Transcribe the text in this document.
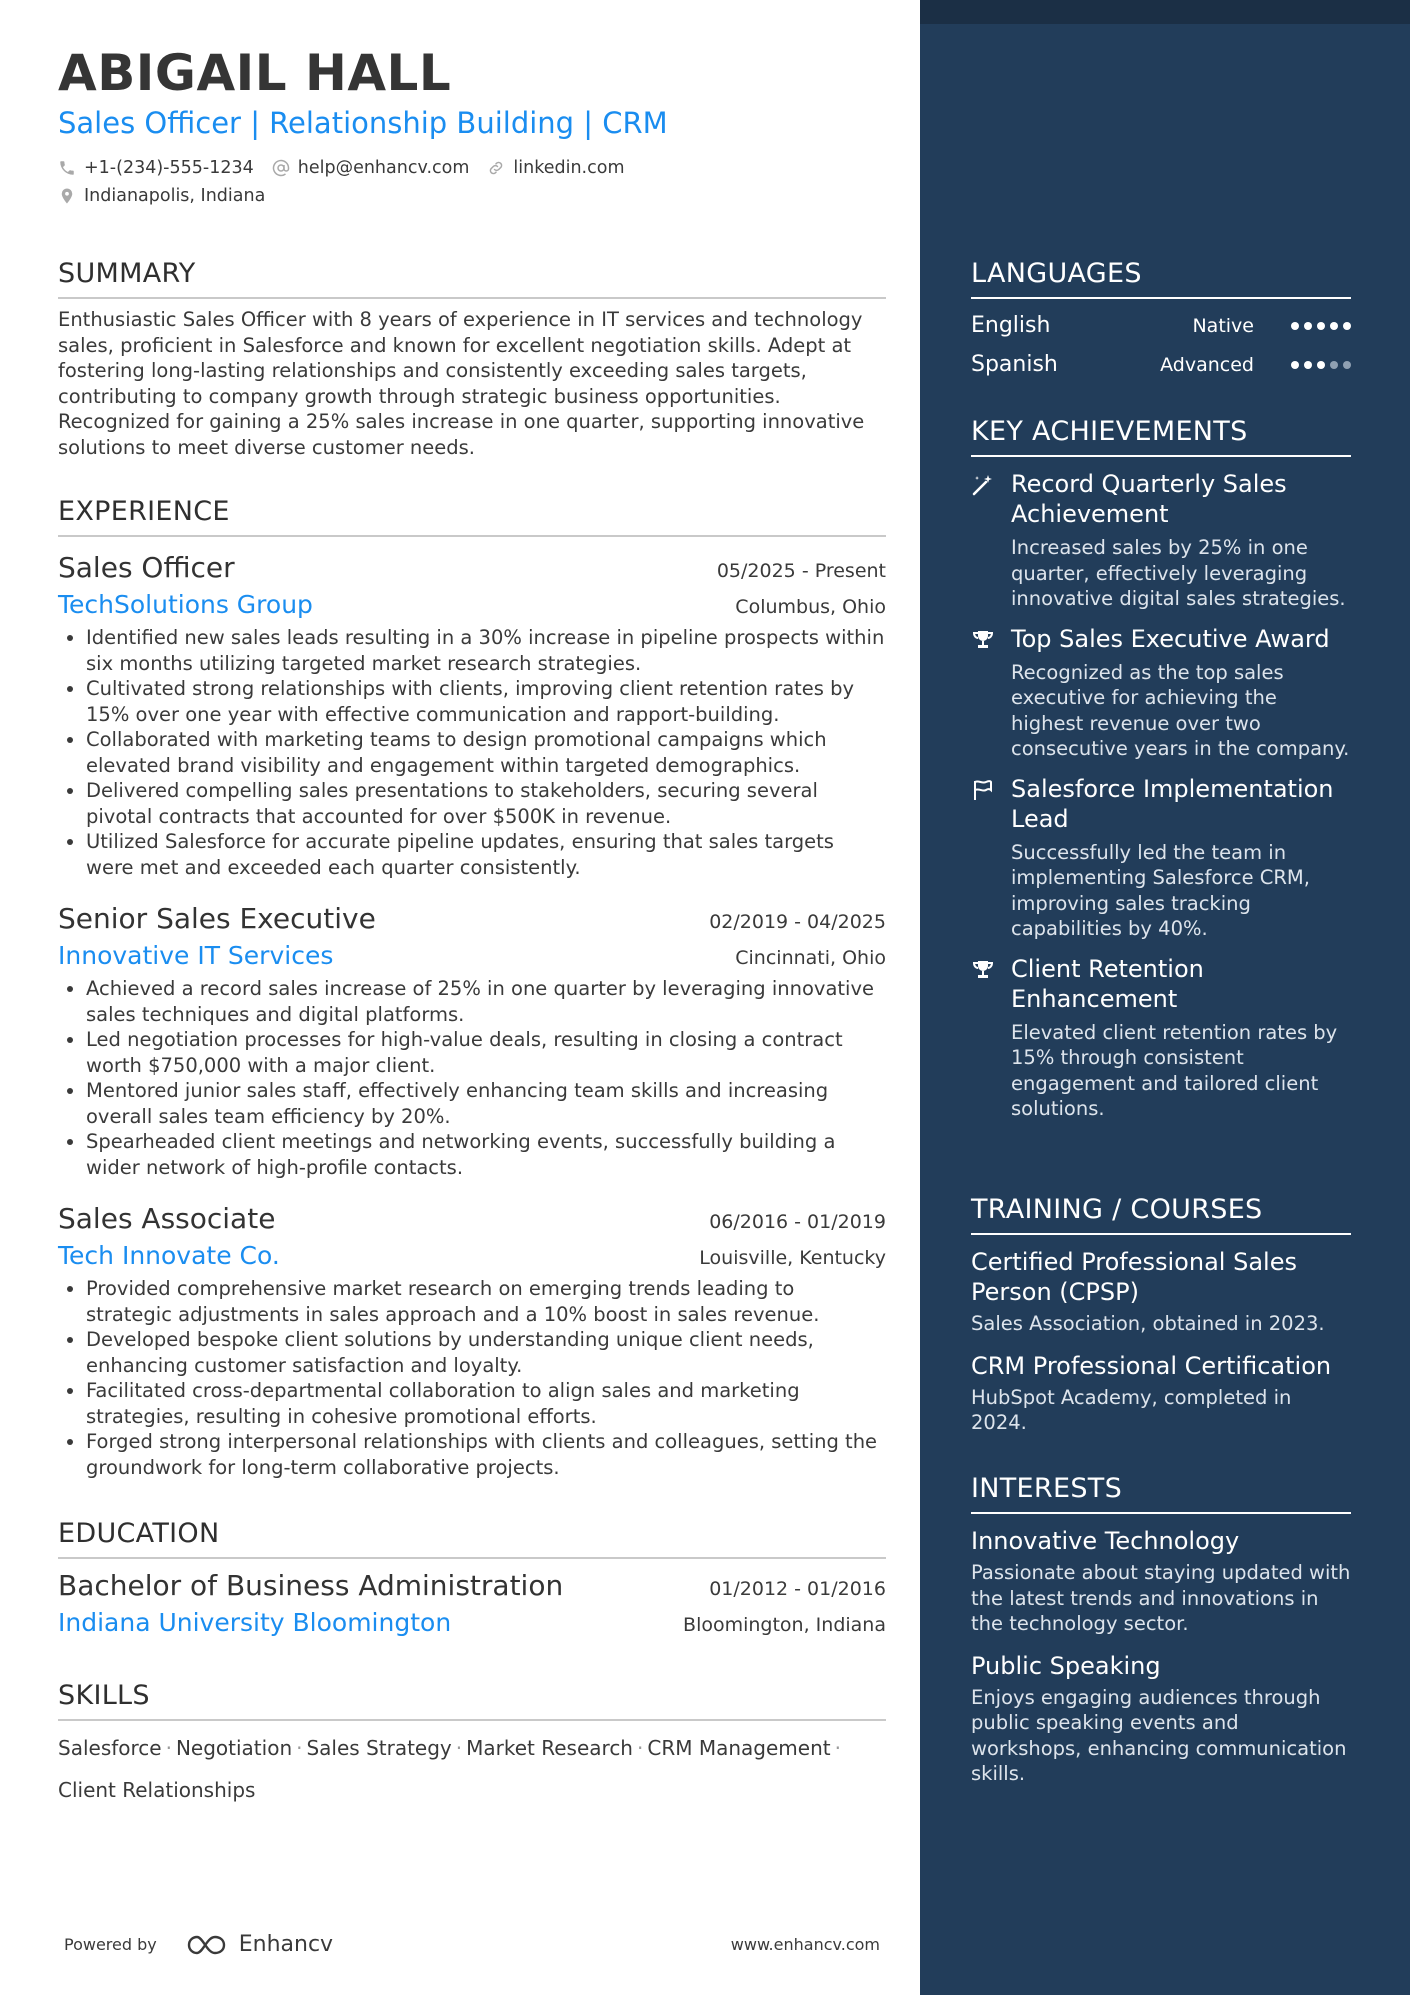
ABIGAIL HALL
Sales Officer | Relationship Building | CRM
+1-(234)-555-1234	help@enhancv.com	linkedin.com
Indianapolis, Indiana
SUMMARY
Enthusiastic Sales Officer with 8 years of experience in IT services and technology sales, proficient in Salesforce and known for excellent negotiation skills. Adept at fostering long-lasting relationships and consistently exceeding sales targets, contributing to company growth through strategic business opportunities. Recognized for gaining a 25% sales increase in one quarter, supporting innovative solutions to meet diverse customer needs.
EXPERIENCE
Sales Officer	05/2025 - Present
TechSolutions Group	Columbus, Ohio
• Identified new sales leads resulting in a 30% increase in pipeline prospects within six months utilizing targeted market research strategies.
• Cultivated strong relationships with clients, improving client retention rates by 15% over one year with effective communication and rapport-building.
• Collaborated with marketing teams to design promotional campaigns which elevated brand visibility and engagement within targeted demographics.
• Delivered compelling sales presentations to stakeholders, securing several pivotal contracts that accounted for over $500K in revenue.
• Utilized Salesforce for accurate pipeline updates, ensuring that sales targets were met and exceeded each quarter consistently.
Senior Sales Executive	02/2019 - 04/2025
Innovative IT Services	Cincinnati, Ohio
• Achieved a record sales increase of 25% in one quarter by leveraging innovative sales techniques and digital platforms.
• Led negotiation processes for high-value deals, resulting in closing a contract worth $750,000 with a major client.
• Mentored junior sales staff, effectively enhancing team skills and increasing overall sales team efficiency by 20%.
• Spearheaded client meetings and networking events, successfully building a wider network of high-profile contacts.
Sales Associate	06/2016 - 01/2019
Tech Innovate Co.	Louisville, Kentucky
• Provided comprehensive market research on emerging trends leading to strategic adjustments in sales approach and a 10% boost in sales revenue.
• Developed bespoke client solutions by understanding unique client needs, enhancing customer satisfaction and loyalty.
• Facilitated cross-departmental collaboration to align sales and marketing strategies, resulting in cohesive promotional efforts.
• Forged strong interpersonal relationships with clients and colleagues, setting the groundwork for long-term collaborative projects.
EDUCATION
Bachelor of Business Administration	01/2012 - 01/2016
Indiana University Bloomington	Bloomington, Indiana
SKILLS
Salesforce · Negotiation · Sales Strategy · Market Research · CRM Management ·
Client Relationships
Powered by	Enhancv	www.enhancv.com
LANGUAGES
English	Native
Spanish	Advanced
KEY ACHIEVEMENTS
Record Quarterly Sales Achievement
Increased sales by 25% in one quarter, effectively leveraging innovative digital sales strategies.
Top Sales Executive Award
Recognized as the top sales executive for achieving the highest revenue over two consecutive years in the company.
Salesforce Implementation Lead
Successfully led the team in implementing Salesforce CRM, improving sales tracking capabilities by 40%.
Client Retention Enhancement
Elevated client retention rates by 15% through consistent engagement and tailored client solutions.
TRAINING / COURSES
Certified Professional Sales Person (CPSP)
Sales Association, obtained in 2023.
CRM Professional Certification
HubSpot Academy, completed in 2024.
INTERESTS
Innovative Technology
Passionate about staying updated with the latest trends and innovations in the technology sector.
Public Speaking
Enjoys engaging audiences through public speaking events and workshops, enhancing communication skills.
